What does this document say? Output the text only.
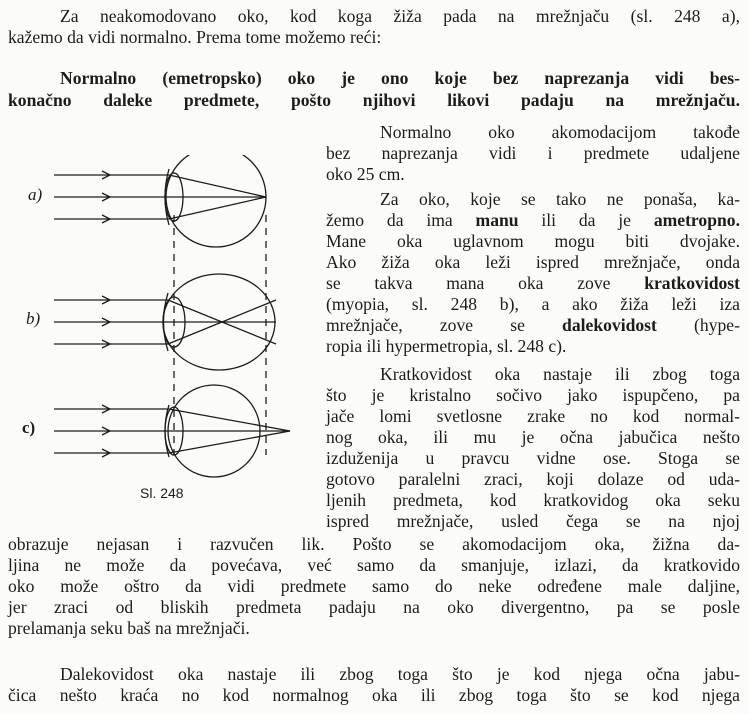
Za neakomodovano oko, kod koga žiža pada na mrežnjaču (sl. 248 a),
kažemo da vidi normalno. Prema tome možemo reći:
Normalno (emetropsko) oko je ono koje bez naprezanja vidi bes-
konačno daleke predmete, pošto njihovi likovi padaju na mrežnjaču.
Normalno oko akomodacijom takođe
bez naprezanja vidi i predmete udaljene
oko 25 cm.
Za oko, koje se tako ne ponaša, ka-
žemo da ima manu ili da je ametropno.
Mane oka uglavnom mogu biti dvojake.
Ako žiža oka leži ispred mrežnjače, onda
se takva mana oka zove kratkovidost
(myopia, sl. 248 b), a ako žiža leži iza
mrežnjače, zove se dalekovidost (hype-
ropia ili hypermetropia, sl. 248 c).
Kratkovidost oka nastaje ili zbog toga
što je kristalno sočivo jako ispupčeno, pa
jače lomi svetlosne zrake no kod normal-
nog oka, ili mu je očna jabučica nešto
izduženija u pravcu vidne ose. Stoga se
gotovo paralelni zraci, koji dolaze od uda-
ljenih predmeta, kod kratkovidog oka seku
ispred mrežnjače, usled čega se na njoj
obrazuje nejasan i razvučen lik. Pošto se akomodacijom oka, žižna da-
ljina ne može da povećava, već samo da smanjuje, izlazi, da kratkovido
oko može oštro da vidi predmete samo do neke određene male daljine,
jer zraci od bliskih predmeta padaju na oko divergentno, pa se posle
prelamanja seku baš na mrežnjači.
Dalekovidost oka nastaje ili zbog toga što je kod njega očna jabu-
čica nešto kraća no kod normalnog oka ili zbog toga što se kod njega
a)
b)
c)
Sl. 248
